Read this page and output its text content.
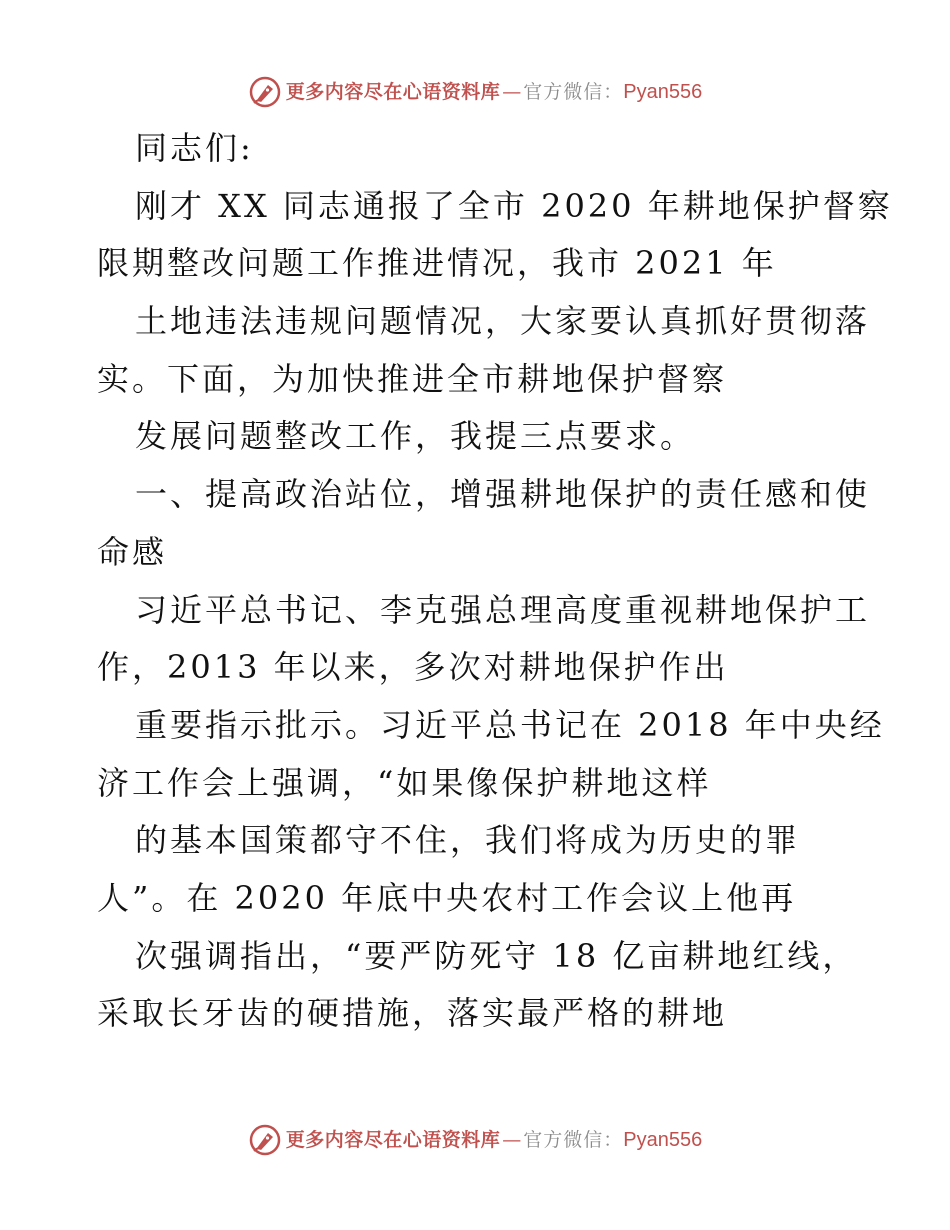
更多内容尽在心语资料库 — 官方微信： Pyan556
同志们:
刚才 XX 同志通报了全市 2020 年耕地保护督察
限期整改问题工作推进情况，我市 2021 年
土地违法违规问题情况，大家要认真抓好贯彻落
实。下面，为加快推进全市耕地保护督察
发展问题整改工作，我提三点要求。
一、提高政治站位，增强耕地保护的责任感和使
命感
习近平总书记、李克强总理高度重视耕地保护工
作，2013 年以来，多次对耕地保护作出
重要指示批示。习近平总书记在 2018 年中央经
济工作会上强调，“如果像保护耕地这样
的基本国策都守不住，我们将成为历史的罪
人”。在 2020 年底中央农村工作会议上他再
次强调指出，“要严防死守 18 亿亩耕地红线，
采取长牙齿的硬措施，落实最严格的耕地
更多内容尽在心语资料库 — 官方微信： Pyan556
